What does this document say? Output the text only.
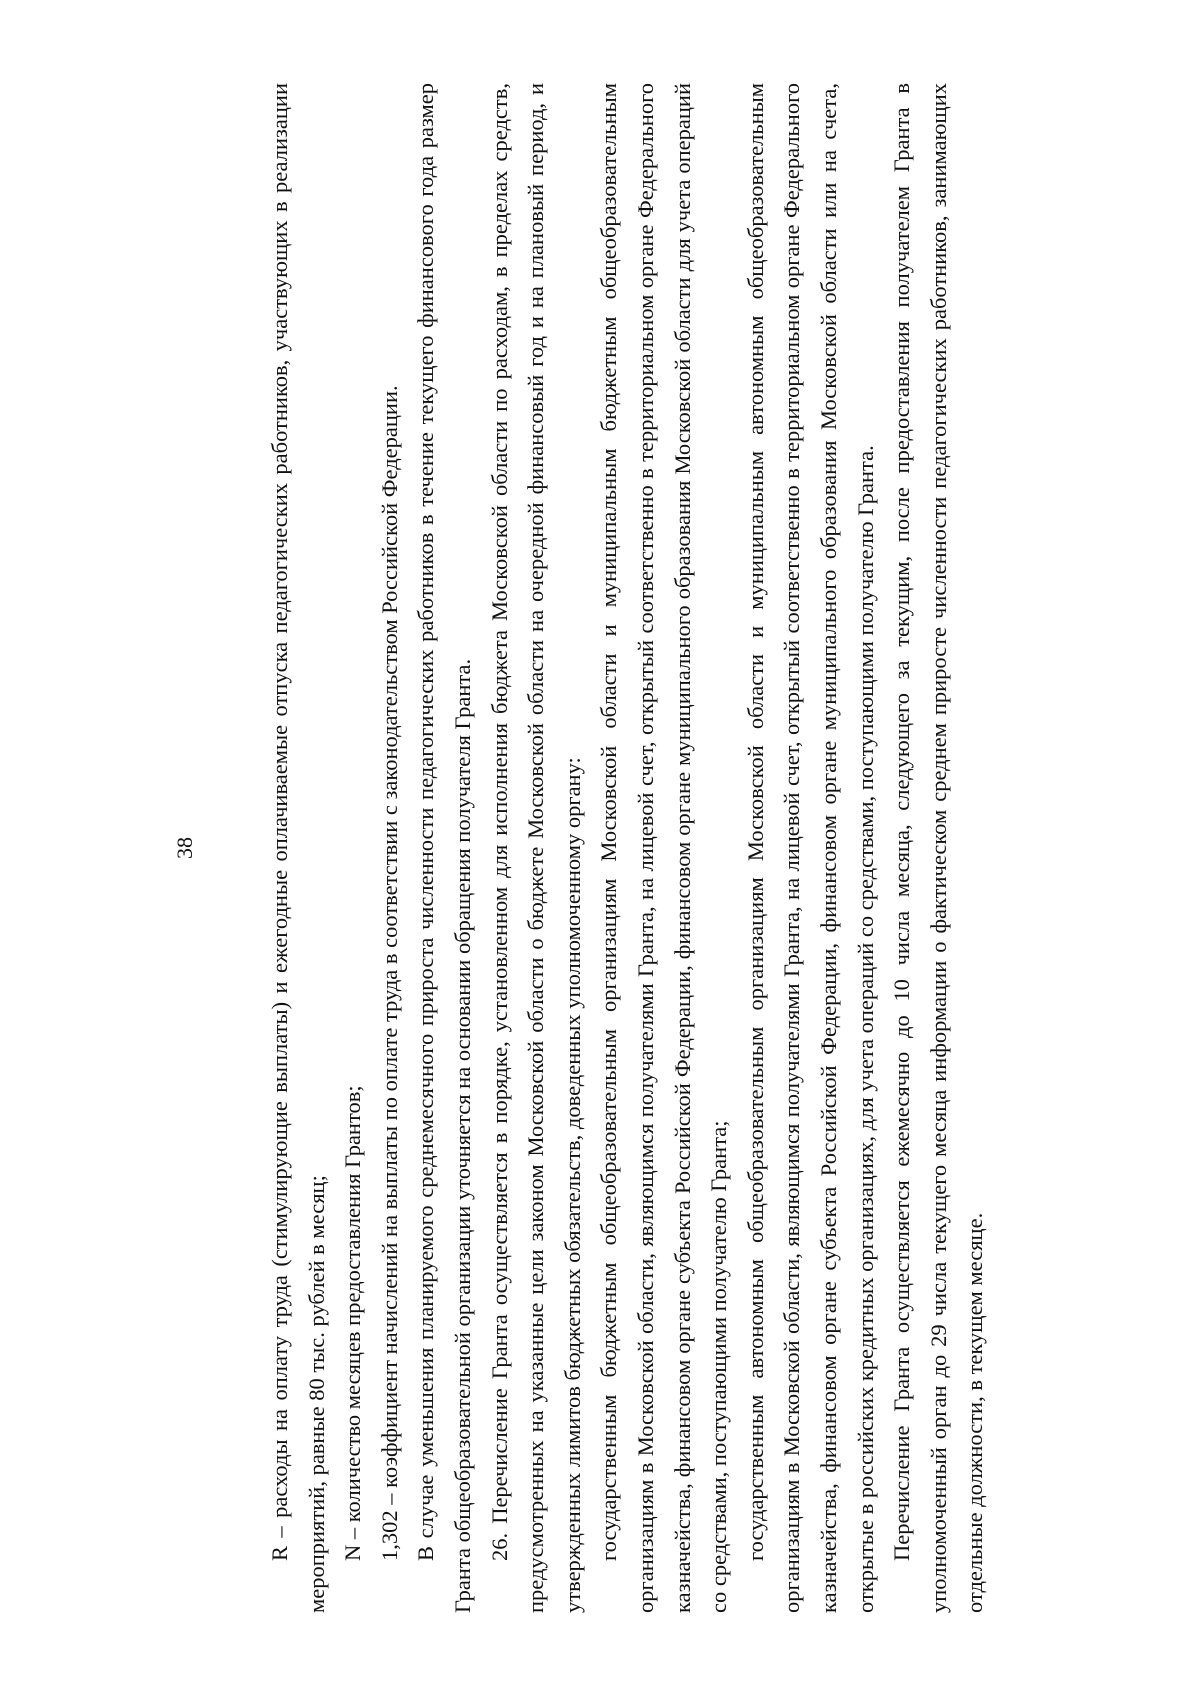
38	R – расходы на оплату труда (стимулирующие выплаты) и ежегодные оплачиваемые отпуска педагогических работников, участвующих в реализации мероприятий, равные 80 тыс. рублей в месяц; N – количество месяцев предоставления Грантов; 1,302 – коэффициент начислений на выплаты по оплате труда в соответствии с законодательством Российской Федерации. В случае уменьшения планируемого среднемесячного прироста численности педагогических работников в течение текущего финансового года размер Гранта общеобразовательной организации уточняется на основании обращения получателя Гранта. 26. Перечисление Гранта осуществляется в порядке, установленном для исполнения бюджета Московской области по расходам, в пределах средств, предусмотренных на указанные цели законом Московской области о бюджете Московской области на очередной финансовый год и на плановый период, и утвержденных лимитов бюджетных обязательств, доведенных уполномоченному органу: государственным бюджетным общеобразовательным организациям Московской области и муниципальным бюджетным общеобразовательным организациям в Московской области, являющимся получателями Гранта, на лицевой счет, открытый соответственно в территориальном органе Федерального казначейства, финансовом органе субъекта Российской Федерации, финансовом органе муниципального образования Московской области для учета операций со средствами, поступающими получателю Гранта; государственным автономным общеобразовательным организациям Московской области и муниципальным автономным общеобразовательным организациям в Московской области, являющимся получателями Гранта, на лицевой счет, открытый соответственно в территориальном органе Федерального казначейства, финансовом органе субъекта Российской Федерации, финансовом органе муниципального образования Московской области или на счета, открытые в российских кредитных организациях, для учета операций со средствами, поступающими получателю Гранта. Перечисление Гранта осуществляется ежемесячно до 10 числа месяца, следующего за текущим, после предоставления получателем Гранта в уполномоченный орган до 29 числа текущего месяца информации о фактическом среднем приросте численности педагогических работников, занимающих отдельные должности, в текущем месяце.
